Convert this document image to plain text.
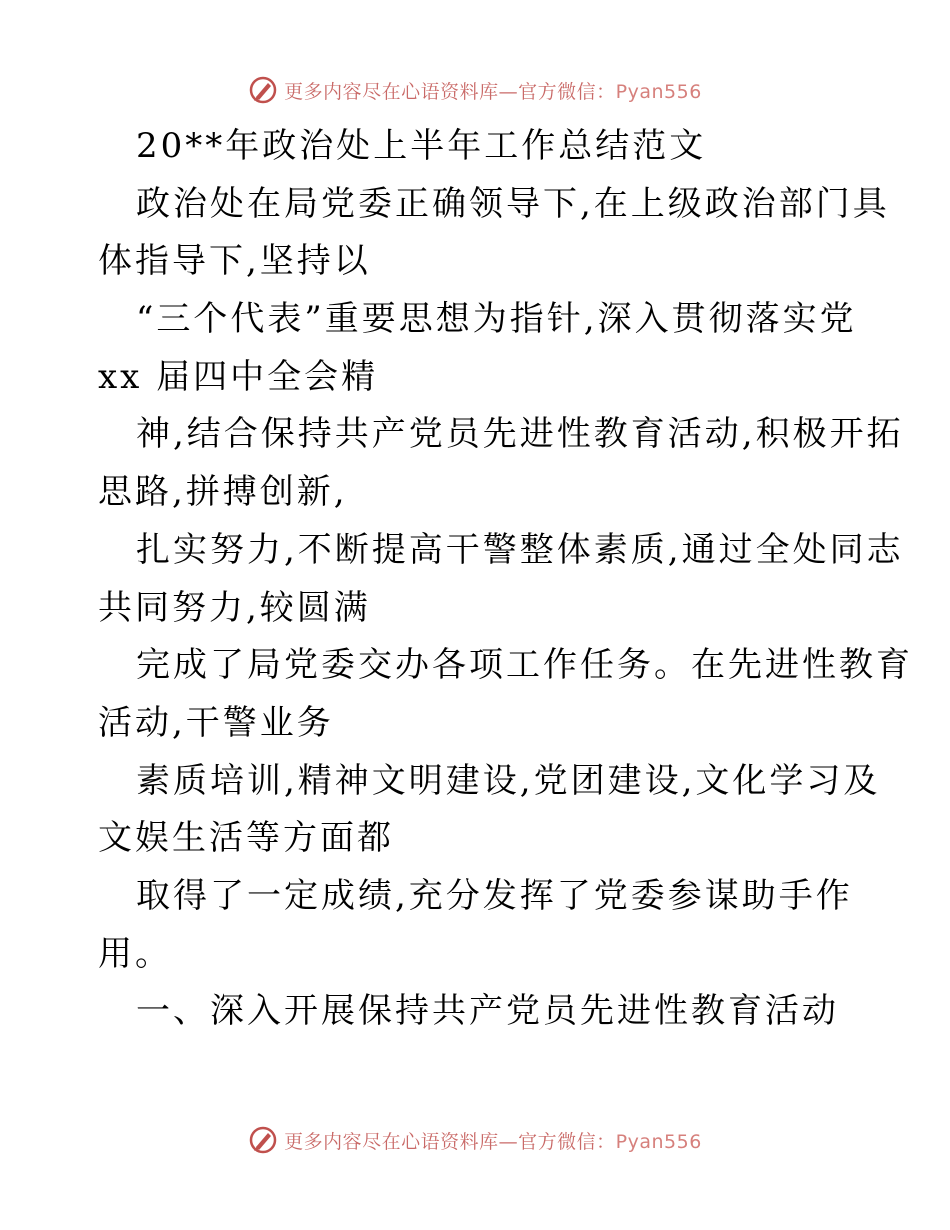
更多内容尽在心语资料库—官方微信：Pyan556
20**年政治处上半年工作总结范文
政治处在局党委正确领导下,在上级政治部门具
体指导下,坚持以
“三个代表”重要思想为指针,深入贯彻落实党
xx 届四中全会精
神,结合保持共产党员先进性教育活动,积极开拓
思路,拼搏创新,
扎实努力,不断提高干警整体素质,通过全处同志
共同努力,较圆满
完成了局党委交办各项工作任务。在先进性教育
活动,干警业务
素质培训,精神文明建设,党团建设,文化学习及
文娱生活等方面都
取得了一定成绩,充分发挥了党委参谋助手作
用。
一、深入开展保持共产党员先进性教育活动
更多内容尽在心语资料库—官方微信：Pyan556
